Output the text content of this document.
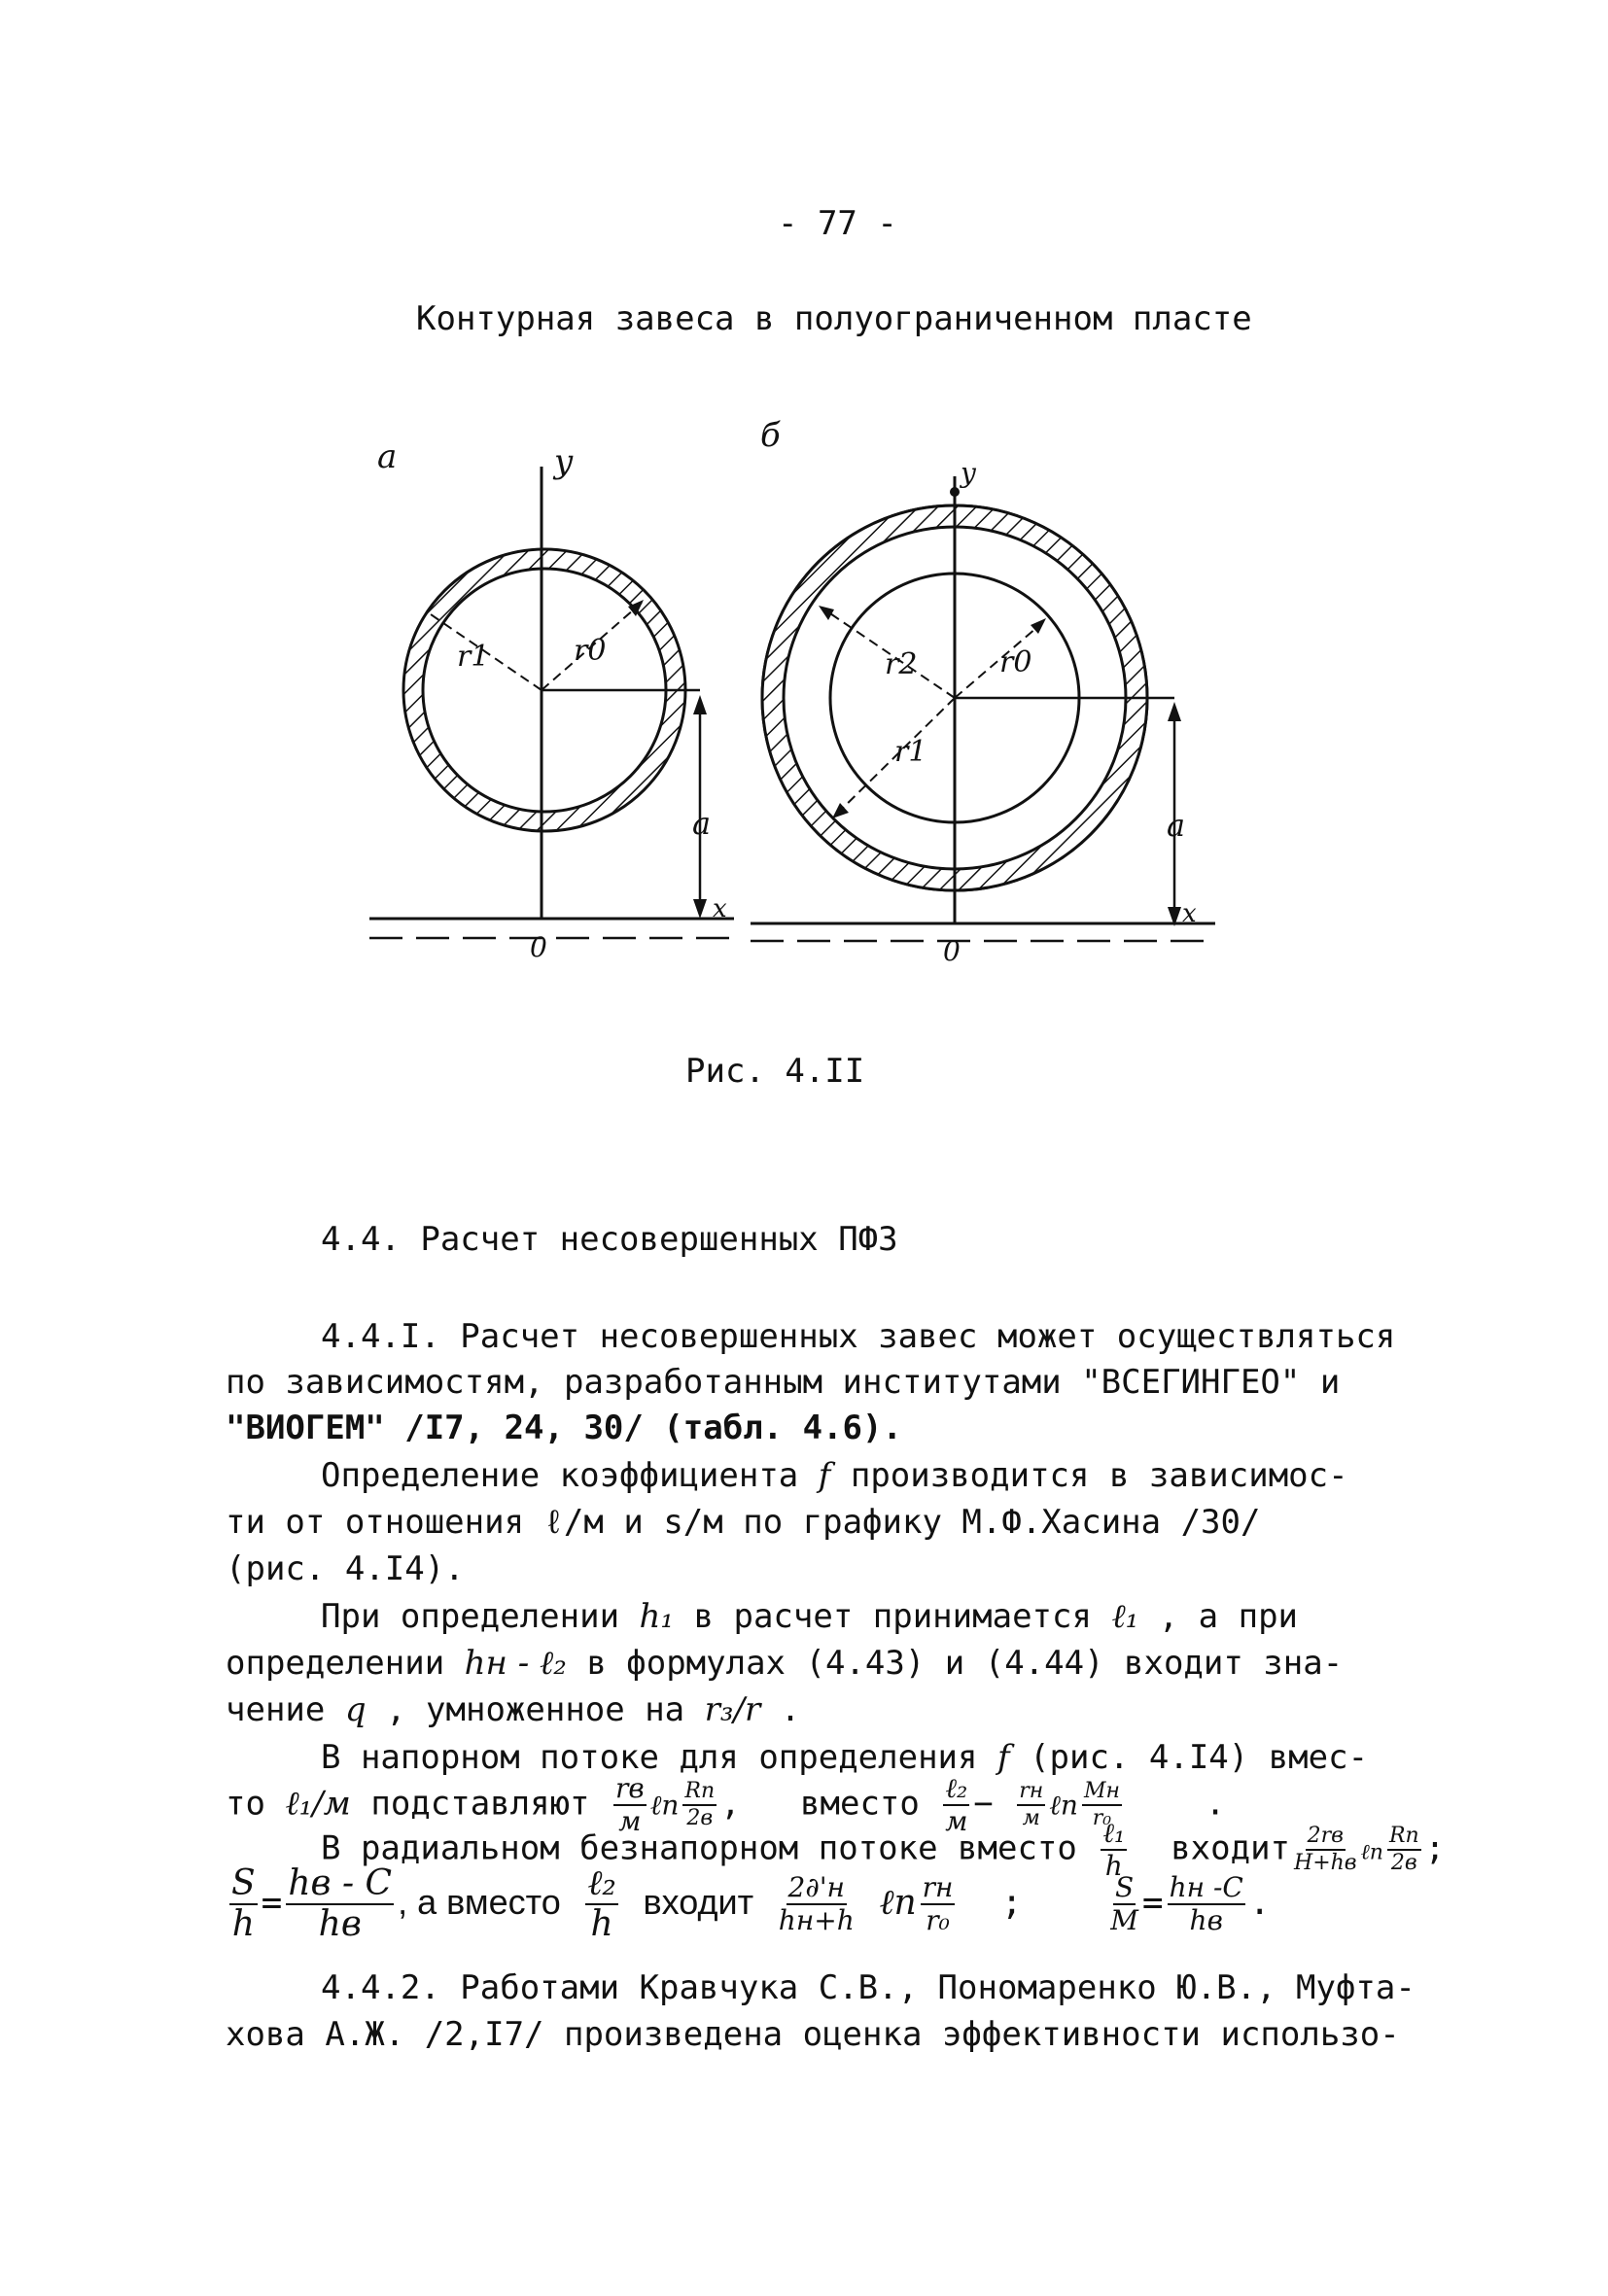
- 77 -
Контурная завеса в полуограниченном пласте
а
б
y	y
r1	r0
a
x
0
r2	r0
r1
a
x
0
Рис. 4.II
4.4. Расчет несовершенных ПФЗ
4.4.I. Расчет несовершенных завес может осуществляться
по зависимостям, разработанным институтами "ВСЕГИНГЕО" и
"ВИОГЕМ" /I7, 24, 30/ (табл. 4.6).
Определение коэффициента f производится в зависимос-
ти от отношения ℓ/м и s/м по графику М.Ф.Хасина /30/
(рис. 4.I4).
При определении h₁ в расчет принимается ℓ₁ , а при
определении hн - ℓ₂ в формулах (4.43) и (4.44) входит зна-
чение q , умноженное на r₃/r .
В напорном потоке для определения f (рис. 4.I4) вмес-
то ℓ₁/м подставляют $\frac{rв}{м}$ ℓn $\frac{Rп}{2в}$ , вместо $\frac{\text{ℓ₂}}{м} - \frac{rн}{м}$ ℓn $\frac{Mн}{\text{r₀}}$	.
В радиальном безнапорном потоке вместо $\frac{\text{ℓ₁}}{h}$ входит $\frac{2rв}{H+hв}$ ℓn $\frac{Rп}{2в}$ ;
$\frac{S}{h} = \frac{hв - C}{hв}$ , а вместо $\frac{\text{ℓ₂}}{h}$ входит $\frac{2\partial'н}{hн+h}$ ℓn $\frac{rн}{\text{r₀}}$ ;	$\frac{S}{M} = \frac{hн -C}{hв}$ .
4.4.2. Работами Кравчука С.В., Пономаренко Ю.В., Муфта-
хова А.Ж. /2,I7/ произведена оценка эффективности использо-
